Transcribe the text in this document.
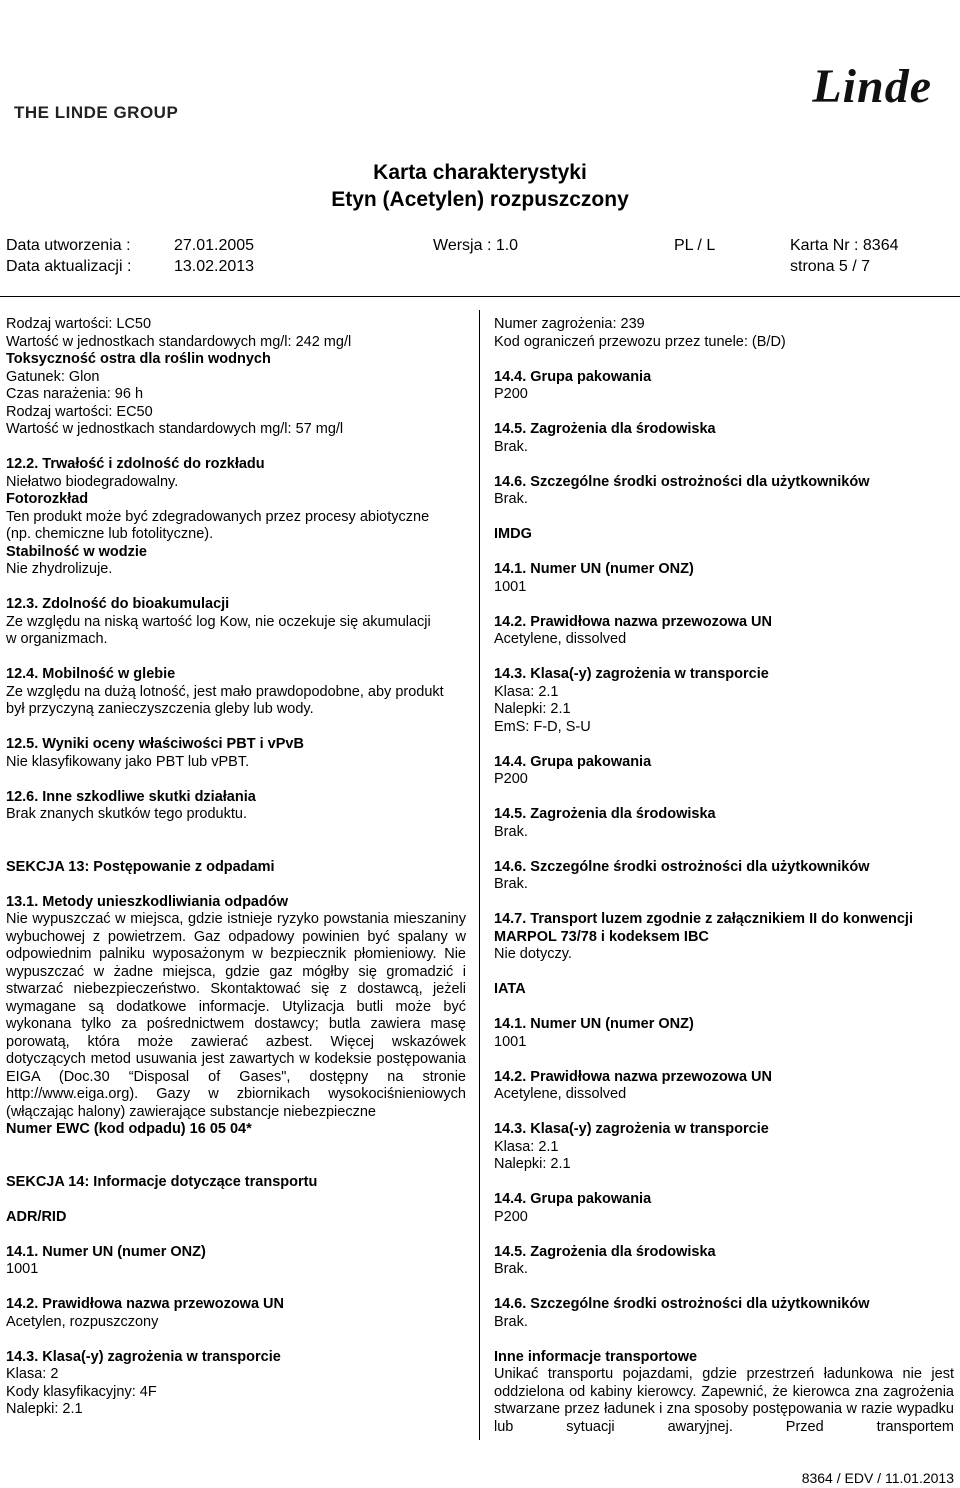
THE LINDE GROUP	Linde
Karta charakterystyki
Etyn (Acetylen) rozpuszczony
Data utworzenia :	27.01.2005	Wersja : 1.0	PL / L	Karta Nr : 8364
Data aktualizacji :	13.02.2013	strona 5 / 7

Rodzaj wartości: LC50

Wartość w jednostkach standardowych mg/l: 242 mg/l

Toksyczność ostra dla roślin wodnych

Gatunek: Glon

Czas narażenia: 96 h

Rodzaj wartości: EC50

Wartość w jednostkach standardowych mg/l: 57 mg/l

12.2. Trwałość i zdolność do rozkładu

Niełatwo biodegradowalny.

Fotorozkład

Ten produkt może być zdegradowanych przez procesy abiotyczne

(np. chemiczne lub fotolityczne).

Stabilność w wodzie

Nie zhydrolizuje.

12.3. Zdolność do bioakumulacji

Ze względu na niską wartość log Kow, nie oczekuje się akumulacji

w organizmach.

12.4. Mobilność w glebie

Ze względu na dużą lotność, jest mało prawdopodobne, aby produkt

był przyczyną zanieczyszczenia gleby lub wody.

12.5. Wyniki oceny właściwości PBT i vPvB

Nie klasyfikowany jako PBT lub vPBT.

12.6. Inne szkodliwe skutki działania

Brak znanych skutków tego produktu.

SEKCJA 13: Postępowanie z odpadami

13.1. Metody unieszkodliwiania odpadów

Nie wypuszczać w miejsca, gdzie istnieje ryzyko powstania mieszaniny wybuchowej z powietrzem. Gaz odpadowy powinien być spalany w odpowiednim palniku wyposażonym w bezpiecznik płomieniowy. Nie wypuszczać w żadne miejsca, gdzie gaz mógłby się gromadzić i stwarzać niebezpieczeństwo. Skontaktować się z dostawcą, jeżeli wymagane są dodatkowe informacje. Utylizacja butli może być wykonana tylko za pośrednictwem dostawcy; butla zawiera masę porowatą, która może zawierać azbest. Więcej wskazówek dotyczących metod usuwania jest zawartych w kodeksie postępowania EIGA (Doc.30 “Disposal of Gases", dostępny na stronie http://www.eiga.org). Gazy w zbiornikach wysokociśnieniowych (włączając halony) zawierające substancje niebezpieczne

Numer EWC (kod odpadu) 16 05 04*

SEKCJA 14: Informacje dotyczące transportu

ADR/RID

14.1. Numer UN (numer ONZ)

1001

14.2. Prawidłowa nazwa przewozowa UN

Acetylen, rozpuszczony

14.3. Klasa(-y) zagrożenia w transporcie

Klasa: 2

Kody klasyfikacyjny: 4F

Nalepki: 2.1

Numer zagrożenia: 239

Kod ograniczeń przewozu przez tunele: (B/D)

14.4. Grupa pakowania

P200

14.5. Zagrożenia dla środowiska

Brak.

14.6. Szczególne środki ostrożności dla użytkowników

Brak.

IMDG

14.1. Numer UN (numer ONZ)

1001

14.2. Prawidłowa nazwa przewozowa UN

Acetylene, dissolved

14.3. Klasa(-y) zagrożenia w transporcie

Klasa: 2.1

Nalepki: 2.1

EmS: F-D, S-U

14.4. Grupa pakowania

P200

14.5. Zagrożenia dla środowiska

Brak.

14.6. Szczególne środki ostrożności dla użytkowników

Brak.

14.7. Transport luzem zgodnie z załącznikiem II do konwencji

MARPOL 73/78 i kodeksem IBC

Nie dotyczy.

IATA

14.1. Numer UN (numer ONZ)

1001

14.2. Prawidłowa nazwa przewozowa UN

Acetylene, dissolved

14.3. Klasa(-y) zagrożenia w transporcie

Klasa: 2.1

Nalepki: 2.1

14.4. Grupa pakowania

P200

14.5. Zagrożenia dla środowiska

Brak.

14.6. Szczególne środki ostrożności dla użytkowników

Brak.

Inne informacje transportowe

Unikać transportu pojazdami, gdzie przestrzeń ładunkowa nie jest oddzielona od kabiny kierowcy. Zapewnić, że kierowca zna zagrożenia stwarzane przez ładunek i zna sposoby postępowania w razie wypadku lub sytuacji awaryjnej. Przed transportem

8364 / EDV / 11.01.2013
